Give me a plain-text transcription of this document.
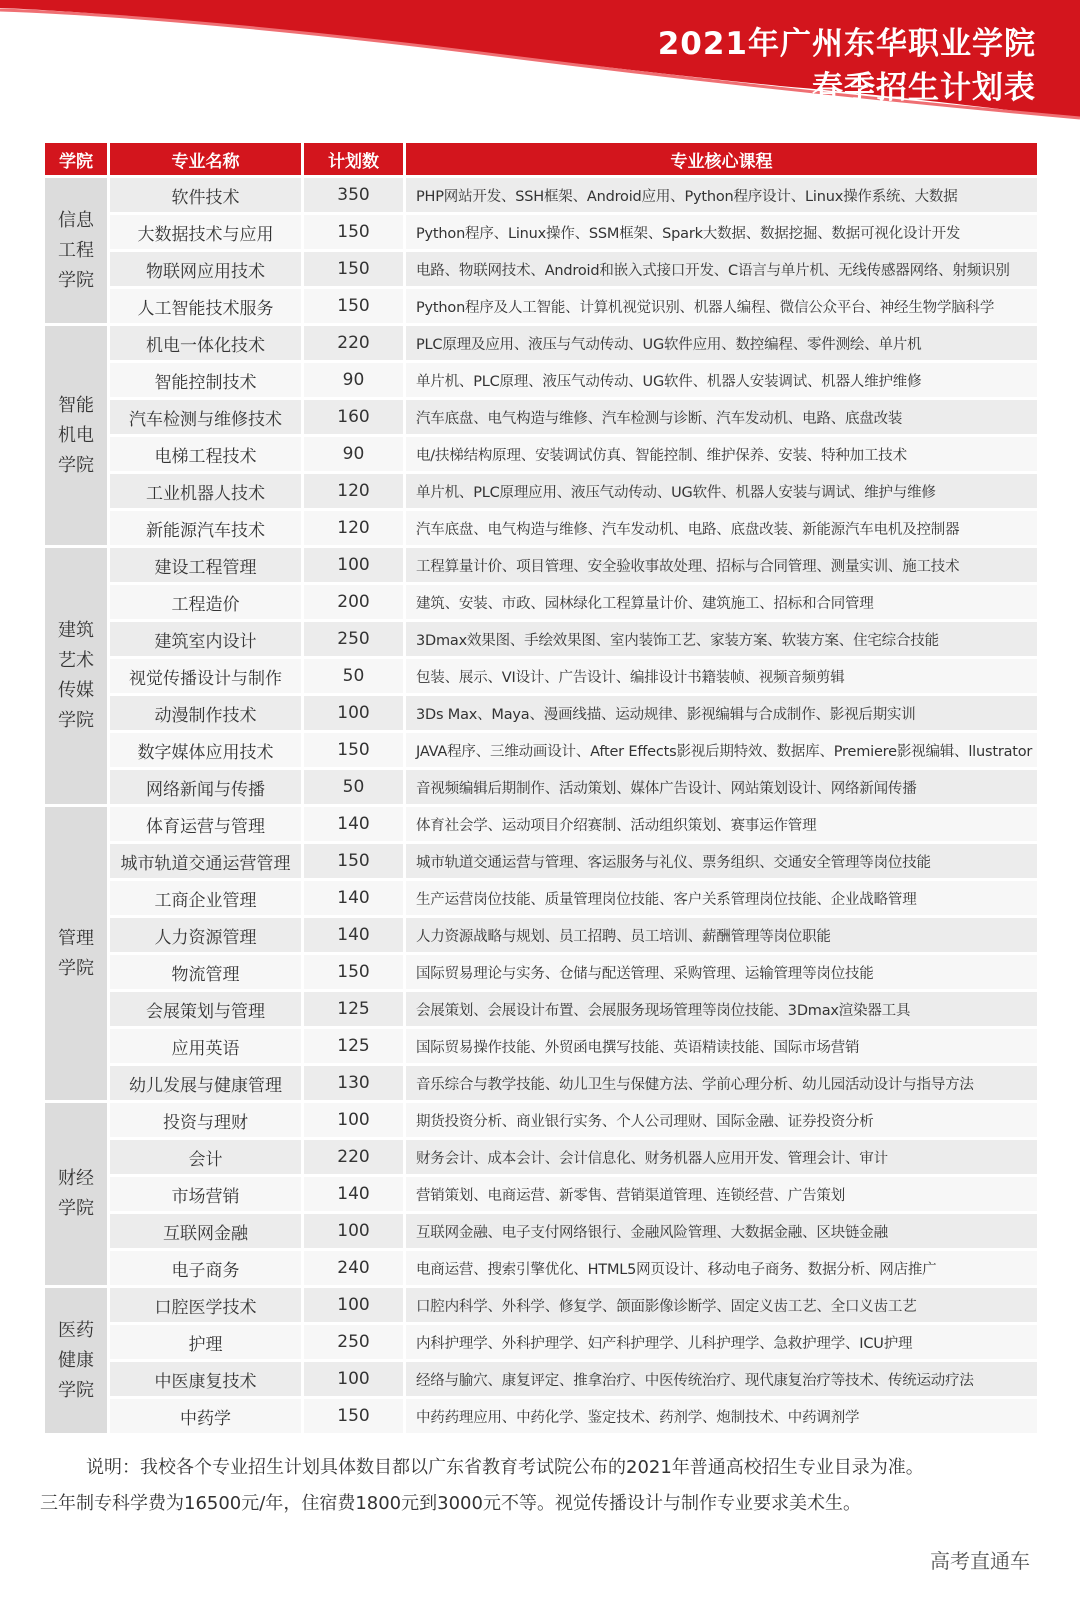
2021年广州东华职业学院
春季招生计划表
学院	专业名称	计划数	专业核心课程

信息
工程
学院	软件技术	350	PHP网站开发、SSH框架、Android应用、Python程序设计、Linux操作系统、大数据
	大数据技术与应用	150	Python程序、Linux操作、SSM框架、Spark大数据、数据挖掘、数据可视化设计开发
	物联网应用技术	150	电路、物联网技术、Android和嵌入式接口开发、C语言与单片机、无线传感器网络、射频识别
	人工智能技术服务	150	Python程序及人工智能、计算机视觉识别、机器人编程、微信公众平台、神经生物学脑科学

智能
机电
学院	机电一体化技术	220	PLC原理及应用、液压与气动传动、UG软件应用、数控编程、零件测绘、单片机
	智能控制技术	90	单片机、PLC原理、液压气动传动、UG软件、机器人安装调试、机器人维护维修
	汽车检测与维修技术	160	汽车底盘、电气构造与维修、汽车检测与诊断、汽车发动机、电路、底盘改装
	电梯工程技术	90	电/扶梯结构原理、安装调试仿真、智能控制、维护保养、安装、特种加工技术
	工业机器人技术	120	单片机、PLC原理应用、液压气动传动、UG软件、机器人安装与调试、维护与维修
	新能源汽车技术	120	汽车底盘、电气构造与维修、汽车发动机、电路、底盘改装、新能源汽车电机及控制器

建筑
艺术
传媒
学院	建设工程管理	100	工程算量计价、项目管理、安全验收事故处理、招标与合同管理、测量实训、施工技术
	工程造价	200	建筑、安装、市政、园林绿化工程算量计价、建筑施工、招标和合同管理
	建筑室内设计	250	3Dmax效果图、手绘效果图、室内装饰工艺、家装方案、软装方案、住宅综合技能
	视觉传播设计与制作	50	包装、展示、VI设计、广告设计、编排设计书籍装帧、视频音频剪辑
	动漫制作技术	100	3Ds Max、Maya、漫画线描、运动规律、影视编辑与合成制作、影视后期实训
	数字媒体应用技术	150	JAVA程序、三维动画设计、After Effects影视后期特效、数据库、Premiere影视编辑、llustrator
	网络新闻与传播	50	音视频编辑后期制作、活动策划、媒体广告设计、网站策划设计、网络新闻传播

管理
学院	体育运营与管理	140	体育社会学、运动项目介绍赛制、活动组织策划、赛事运作管理
	城市轨道交通运营管理	150	城市轨道交通运营与管理、客运服务与礼仪、票务组织、交通安全管理等岗位技能
	工商企业管理	140	生产运营岗位技能、质量管理岗位技能、客户关系管理岗位技能、企业战略管理
	人力资源管理	140	人力资源战略与规划、员工招聘、员工培训、薪酬管理等岗位职能
	物流管理	150	国际贸易理论与实务、仓储与配送管理、采购管理、运输管理等岗位技能
	会展策划与管理	125	会展策划、会展设计布置、会展服务现场管理等岗位技能、3Dmax渲染器工具
	应用英语	125	国际贸易操作技能、外贸函电撰写技能、英语精读技能、国际市场营销
	幼儿发展与健康管理	130	音乐综合与教学技能、幼儿卫生与保健方法、学前心理分析、幼儿园活动设计与指导方法

财经
学院	投资与理财	100	期货投资分析、商业银行实务、个人公司理财、国际金融、证券投资分析
	会计	220	财务会计、成本会计、会计信息化、财务机器人应用开发、管理会计、审计
	市场营销	140	营销策划、电商运营、新零售、营销渠道管理、连锁经营、广告策划
	互联网金融	100	互联网金融、电子支付网络银行、金融风险管理、大数据金融、区块链金融
	电子商务	240	电商运营、搜索引擎优化、HTML5网页设计、移动电子商务、数据分析、网店推广

医药
健康
学院	口腔医学技术	100	口腔内科学、外科学、修复学、颌面影像诊断学、固定义齿工艺、全口义齿工艺
	护理	250	内科护理学、外科护理学、妇产科护理学、儿科护理学、急救护理学、ICU护理
	中医康复技术	100	经络与腧穴、康复评定、推拿治疗、中医传统治疗、现代康复治疗等技术、传统运动疗法
	中药学	150	中药药理应用、中药化学、鉴定技术、药剂学、炮制技术、中药调剂学

说明：我校各个专业招生计划具体数目都以广东省教育考试院公布的2021年普通高校招生专业目录为准。

三年制专科学费为16500元/年，住宿费1800元到3000元不等。视觉传播设计与制作专业要求美术生。

高考直通车
